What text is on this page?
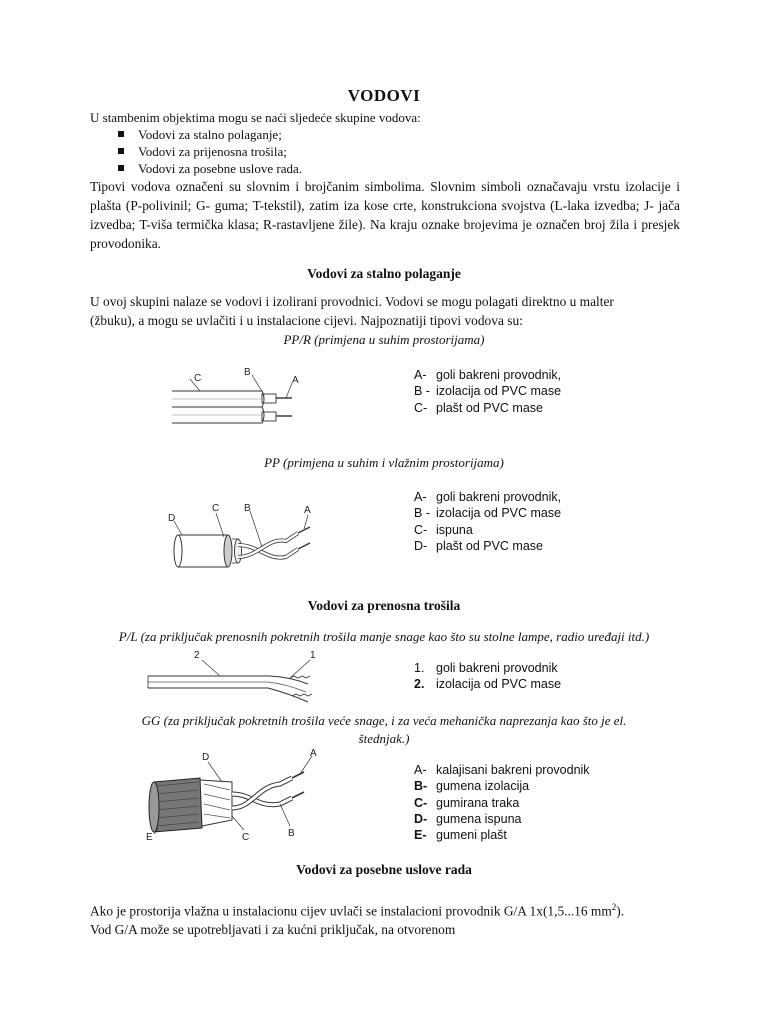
VODOVI
U stambenim objektima mogu se naći sljedeće skupine vodova:
Vodovi za stalno polaganje;
Vodovi za prijenosna trošila;
Vodovi za posebne uslove rada.

Tipovi vodova označeni su slovnim i brojčanim simbolima. Slovnim simboli označavaju vrstu izolacije i plašta (P-polivinil; G- guma; T-tekstil), zatim iza kose crte, konstrukciona svojstva (L-laka izvedba; J- jača izvedba; T-viša termička klasa; R-rastavljene žile). Na kraju oznake brojevima je označen broj žila i presjek provodonika.

Vodovi za stalno polaganje

U ovoj skupini nalaze se vodovi i izolirani provodnici. Vodovi se mogu polagati direktno u malter (žbuku), a mogu se uvlačiti i u instalacione cijevi. Najpoznatiji tipovi vodova su:

PP/R (primjena u suhim prostorijama)
C
B
A	A- goli bakreni provodnik,
B - izolacija od PVC mase
C- plašt od PVC mase
PP (primjena u suhim i vlažnim prostorijama)
D
C B	A
A- goli bakreni provodnik,
B - izolacija od PVC mase
C- ispuna
D- plašt od PVC mase
Vodovi za prenosna trošila
P/L (za priključak prenosnih pokretnih trošila manje snage kao što su stolne lampe, radio uređaji itd.)
2	1
1. goli bakreni provodnik
2. izolacija od PVC mase
GG (za priključak pokretnih trošila veće snage, i za veća mehanička naprezanja kao što je el.
štednjak.)
D	A
E	C	B
A- kalajisani bakreni provodnik
B- gumena izolacija
C- gumirana traka
D- gumena ispuna
E- gumeni plašt
Vodovi za posebne uslove rada

Ako je prostorija vlažna u instalacionu cijev uvlači se instalacioni provodnik G/A 1x(1,5...16 $mm^2$).
Vod G/A može se upotrebljavati i za kućni priključak, na otvorenom
